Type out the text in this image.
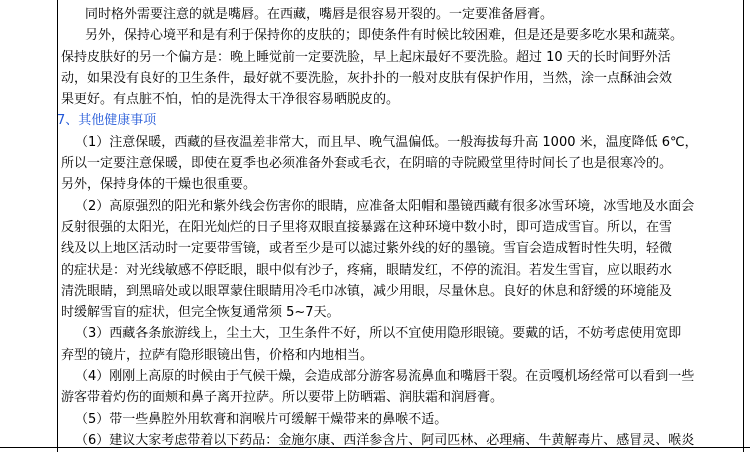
同时格外需要注意的就是嘴唇。在西藏，嘴唇是很容易开裂的。一定要准备唇膏。
另外，保持心境平和是有利于保持你的皮肤的；即使条件有时候比较困难，但是还是要多吃水果和蔬菜。
保持皮肤好的另一个偏方是：晚上睡觉前一定要洗脸，早上起床最好不要洗脸。超过 10 天的长时间野外活
动，如果没有良好的卫生条件，最好就不要洗脸，灰扑扑的一般对皮肤有保护作用，当然，涂一点酥油会效
果更好。有点脏不怕，怕的是洗得太干净很容易晒脱皮的。
7、其他健康事项
（1）注意保暖，西藏的昼夜温差非常大，而且早、晚气温偏低。一般海拔每升高 1000 米，温度降低 6℃，
所以一定要注意保暖，即使在夏季也必须准备外套或毛衣，在阴暗的寺院殿堂里待时间长了也是很寒冷的。
另外，保持身体的干燥也很重要。
（2）高原强烈的阳光和紫外线会伤害你的眼睛，应准备太阳帽和墨镜西藏有很多冰雪环境，冰雪地及水面会
反射很强的太阳光，在阳光灿烂的日子里将双眼直接暴露在这种环境中数小时，即可造成雪盲。所以，在雪
线及以上地区活动时一定要带雪镜，或者至少是可以滤过紫外线的好的墨镜。雪盲会造成暂时性失明，轻微
的症状是：对光线敏感不停眨眼，眼中似有沙子，疼痛，眼睛发红，不停的流泪。若发生雪盲，应以眼药水
清洗眼睛，到黑暗处或以眼罩蒙住眼睛用冷毛巾冰镇，减少用眼，尽量休息。良好的休息和舒缓的环境能及
时缓解雪盲的症状，但完全恢复通常须 5~7天。
（3）西藏各条旅游线上，尘土大，卫生条件不好，所以不宜使用隐形眼镜。要戴的话，不妨考虑使用宽即
弃型的镜片，拉萨有隐形眼镜出售，价格和内地相当。
（4）刚刚上高原的时候由于气候干燥，会造成部分游客易流鼻血和嘴唇干裂。在贡嘎机场经常可以看到一些
游客带着灼伤的面颊和鼻子离开拉萨。所以要带上防晒霜、润肤霜和润唇膏。
（5）带一些鼻腔外用软膏和润喉片可缓解干燥带来的鼻喉不适。
（6）建议大家考虑带着以下药品：金施尔康、西洋参含片、阿司匹林、必理痛、牛黄解毒片、感冒灵、喉炎
